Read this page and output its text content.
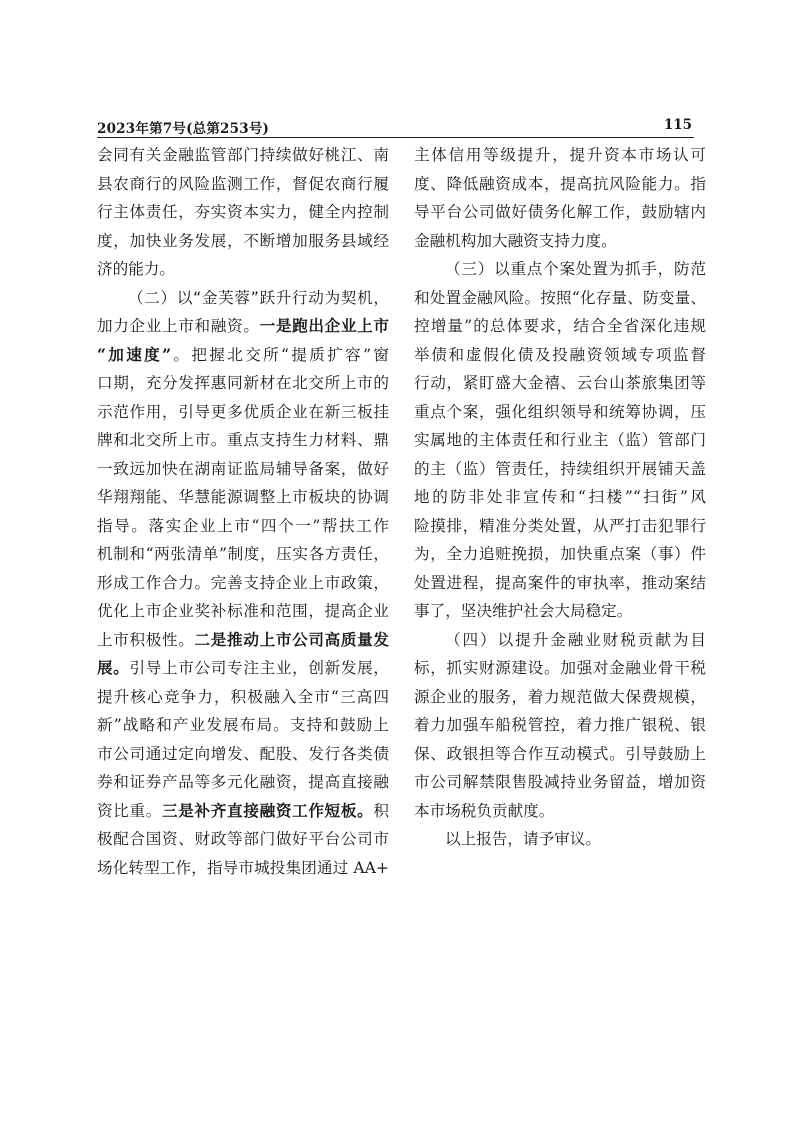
2023年第7号(总第253号)	115
会同有关金融监管部门持续做好桃江、南
县农商行的风险监测工作，督促农商行履
行主体责任，夯实资本实力，健全内控制
度，加快业务发展，不断增加服务县域经
济的能力。
（二）以“金芙蓉”跃升行动为契机，
加力企业上市和融资。一是跑出企业上市
“加速度”。把握北交所“提质扩容”窗
口期，充分发挥惠同新材在北交所上市的
示范作用，引导更多优质企业在新三板挂
牌和北交所上市。重点支持生力材料、鼎
一致远加快在湖南证监局辅导备案，做好
华翔翔能、华慧能源调整上市板块的协调
指导。落实企业上市“四个一”帮扶工作
机制和“两张清单”制度，压实各方责任，
形成工作合力。完善支持企业上市政策，
优化上市企业奖补标准和范围，提高企业
上市积极性。二是推动上市公司高质量发
展。引导上市公司专注主业，创新发展，
提升核心竞争力，积极融入全市“三高四
新”战略和产业发展布局。支持和鼓励上
市公司通过定向增发、配股、发行各类债
券和证券产品等多元化融资，提高直接融
资比重。三是补齐直接融资工作短板。积
极配合国资、财政等部门做好平台公司市
场化转型工作，指导市城投集团通过 AA+
主体信用等级提升，提升资本市场认可
度、降低融资成本，提高抗风险能力。指
导平台公司做好债务化解工作，鼓励辖内
金融机构加大融资支持力度。
（三）以重点个案处置为抓手，防范
和处置金融风险。按照“化存量、防变量、
控增量”的总体要求，结合全省深化违规
举债和虚假化债及投融资领域专项监督
行动，紧盯盛大金禧、云台山茶旅集团等
重点个案，强化组织领导和统筹协调，压
实属地的主体责任和行业主（监）管部门
的主（监）管责任，持续组织开展铺天盖
地的防非处非宣传和“扫楼”“扫街”风
险摸排，精准分类处置，从严打击犯罪行
为，全力追赃挽损，加快重点案（事）件
处置进程，提高案件的审执率，推动案结
事了，坚决维护社会大局稳定。
（四）以提升金融业财税贡献为目
标，抓实财源建设。加强对金融业骨干税
源企业的服务，着力规范做大保费规模，
着力加强车船税管控，着力推广银税、银
保、政银担等合作互动模式。引导鼓励上
市公司解禁限售股减持业务留益，增加资
本市场税负贡献度。
以上报告，请予审议。
